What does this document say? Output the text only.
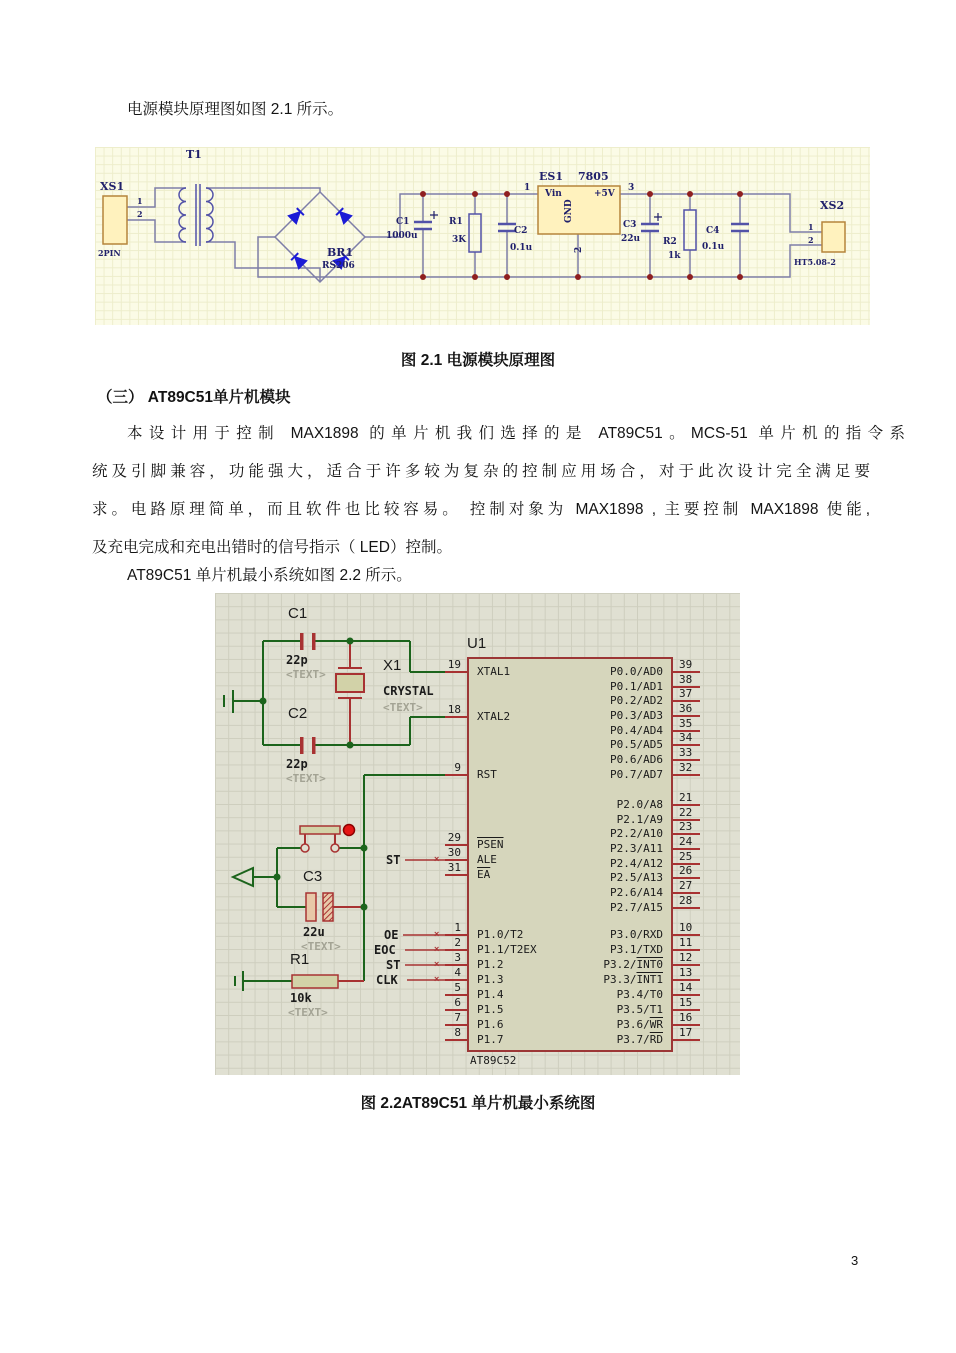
电源模块原理图如图 2.1 所示。
T1
XS1
2PIN
1
2
BR1
RS206
C1
1000u
R1
3K
C2
0.1u
ES1 7805
Vin	+5V
GND
1	3
2
C3
22u	R2
1k
C4
0.1u
XS2
1
2
HT5.08-2
图 2.1 电源模块原理图
（三） AT89C51单片机模块
本设计用于控制 MAX1898 的单片机我们选择的是 AT89C51。MCS-51 单片机的指令系
统及引脚兼容，功能强大，适合于许多较为复杂的控制应用场合，对于此次设计完全满足要
求。电路原理简单，而且软件也比较容易。 控制对象为 MAX1898 , 主要控制 MAX1898 使能,
及充电完成和充电出错时的信号指示（ LED）控制。
AT89C51 单片机最小系统如图 2.2 所示。
U1
AT89C52
19
XTAL1
18
XTAL2
9
RST
29
PSEN
30
ALE
31
$\overline{EA}$
1
P1.0/T2
2
P1.1/T2EX
3
P1.2
4
P1.3
5
P1.4
6
P1.5
7
P1.6
8
P1.7
39
P0.0/AD0
38
P0.1/AD1
37
P0.2/AD2
36
P0.3/AD3
35
P0.4/AD4
34
P0.5/AD5
33
P0.6/AD6
32
P0.7/AD7
21
P2.0/A8
22
P2.1/A9
23
P2.2/A10
24
P2.3/A11
25
P2.4/A12
26
P2.5/A13
27
P2.6/A14
28
P2.7/A15
10
P3.0/RXD
11
P3.1/TXD
12
P3.2/INT0
13
P3.3/INT1
14
P3.4/T0
15
P3.5/T1
16
$P3.6/\overline{WR}$
17
$P3.7/\overline{RD}$
×
×
×
×
×
C1
22p
<TEXT>
X1
CRYSTAL
<TEXT>
C2
22p
<TEXT>
C3
22u
<TEXT>
R1
10k
<TEXT>
ST
OE
EOC
ST
CLK
图 2.2AT89C51 单片机最小系统图
3
